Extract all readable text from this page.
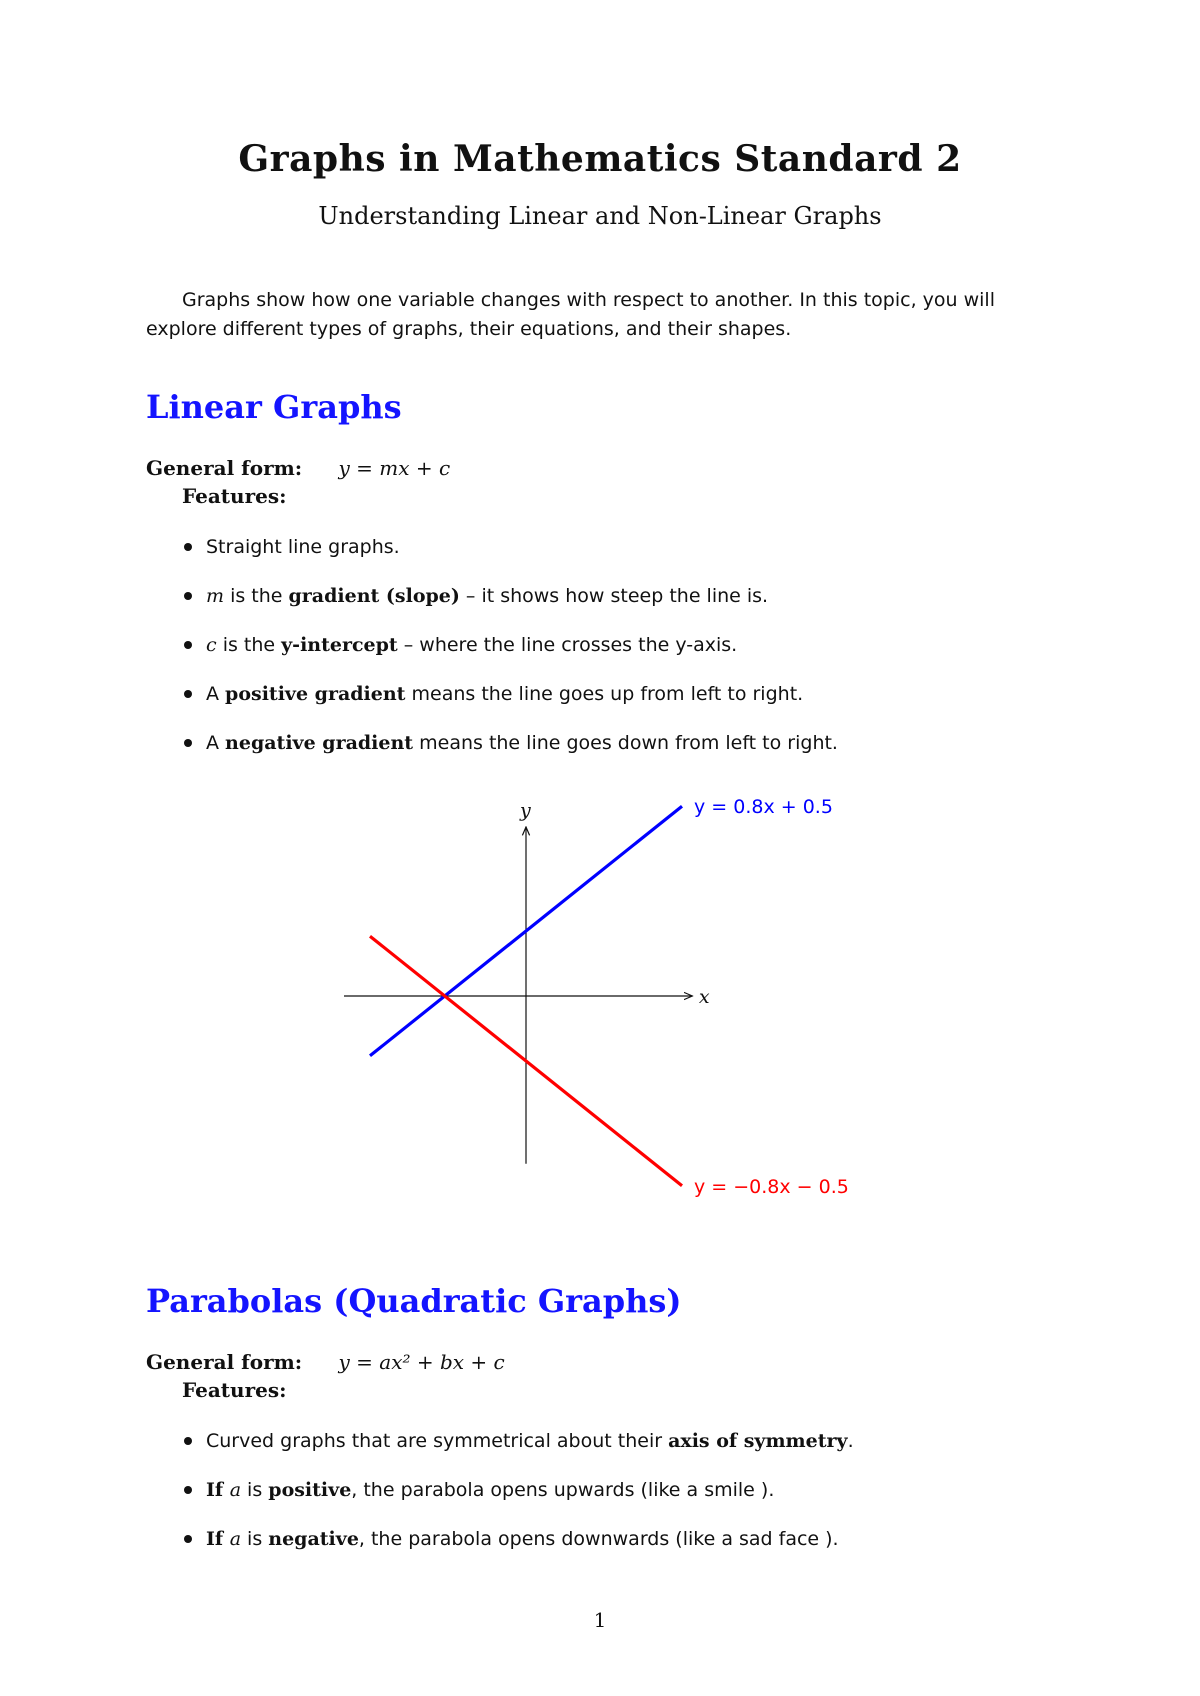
Graphs in Mathematics Standard 2
Understanding Linear and Non-Linear Graphs
Graphs show how one variable changes with respect to another. In this topic, you will explore different types of graphs, their equations, and their shapes.
Linear Graphs
General form: y = mx + c
Features:
Straight line graphs.
m is the gradient (slope) – it shows how steep the line is.
c is the y-intercept – where the line crosses the y-axis.
A positive gradient means the line goes up from left to right.
A negative gradient means the line goes down from left to right.
x
y	y = 0.8x + 0.5
y = −0.8x − 0.5
Parabolas (Quadratic Graphs)
General form: y = ax² + bx + c
Features:
Curved graphs that are symmetrical about their axis of symmetry.
If a is positive, the parabola opens upwards (like a smile ).
If a is negative, the parabola opens downwards (like a sad face ).
1
